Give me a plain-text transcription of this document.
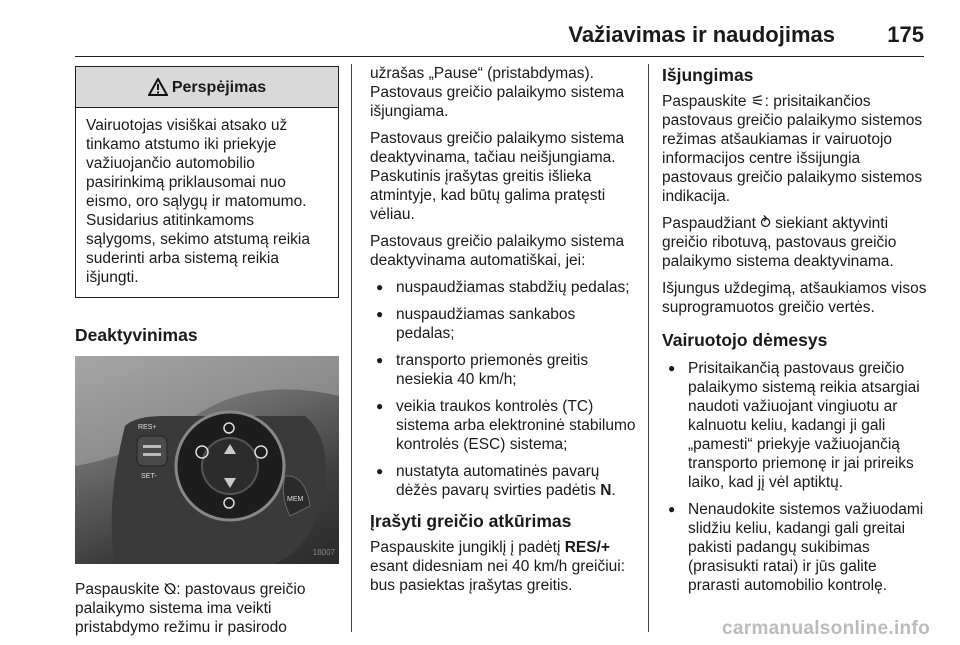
Važiavimas ir naudojimas 175
Perspėjimas
Vairuotojas visiškai atsako už tinkamo atstumo iki priekyje važiuojančio automobilio pasirinkimą priklausomai nuo eismo, oro sąlygų ir matomumo. Susidarius atitinkamoms sąlygoms, sekimo atstumą reikia suderinti arba sistemą reikia išjungti.
Deaktyvinimas
RES+
SET-
MEM
18007

Paspauskite ⦰: pastovaus greičio palaikymo sistema ima veikti pristabdymo režimu ir pasirodo

užrašas „Pause“ (pristabdymas). Pastovaus greičio palaikymo sistema išjungiama.

Pastovaus greičio palaikymo sistema deaktyvinama, tačiau neišjungiama. Paskutinis įrašytas greitis išlieka atmintyje, kad būtų galima pratęsti vėliau.

Pastovaus greičio palaikymo sistema deaktyvinama automatiškai, jei:

● nuspaudžiamas stabdžių pedalas;
● nuspaudžiamas sankabos pedalas;
● transporto priemonės greitis nesiekia 40 km/h;
● veikia traukos kontrolės (TC) sistema arba elektroninė stabilumo kontrolės (ESC) sistema;
● nustatyta automatinės pavarų dėžės pavarų svirties padėtis N.
Įrašyti greičio atkūrimas

Paspauskite jungiklį į padėtį RES/+ esant didesniam nei 40 km/h greičiui: bus pasiektas įrašytas greitis.

Išjungimas

Paspauskite ⚟: prisitaikančios pastovaus greičio palaikymo sistemos režimas atšaukiamas ir vairuotojo informacijos centre išsijungia pastovaus greičio palaikymo sistemos indikacija.

Paspaudžiant ⥁ siekiant aktyvinti greičio ribotuvą, pastovaus greičio palaikymo sistema deaktyvinama.

Išjungus uždegimą, atšaukiamos visos suprogramuotos greičio vertės.

Vairuotojo dėmesys
● Prisitaikančią pastovaus greičio palaikymo sistemą reikia atsargiai naudoti važiuojant vingiuotu ar kalnuotu keliu, kadangi ji gali „pamesti“ priekyje važiuojančią transporto priemonę ir jai prireiks laiko, kad jį vėl aptiktų.
● Nenaudokite sistemos važiuodami slidžiu keliu, kadangi gali greitai pakisti padangų sukibimas (prasisukti ratai) ir jūs galite prarasti automobilio kontrolę.
carmanualsonline.info
